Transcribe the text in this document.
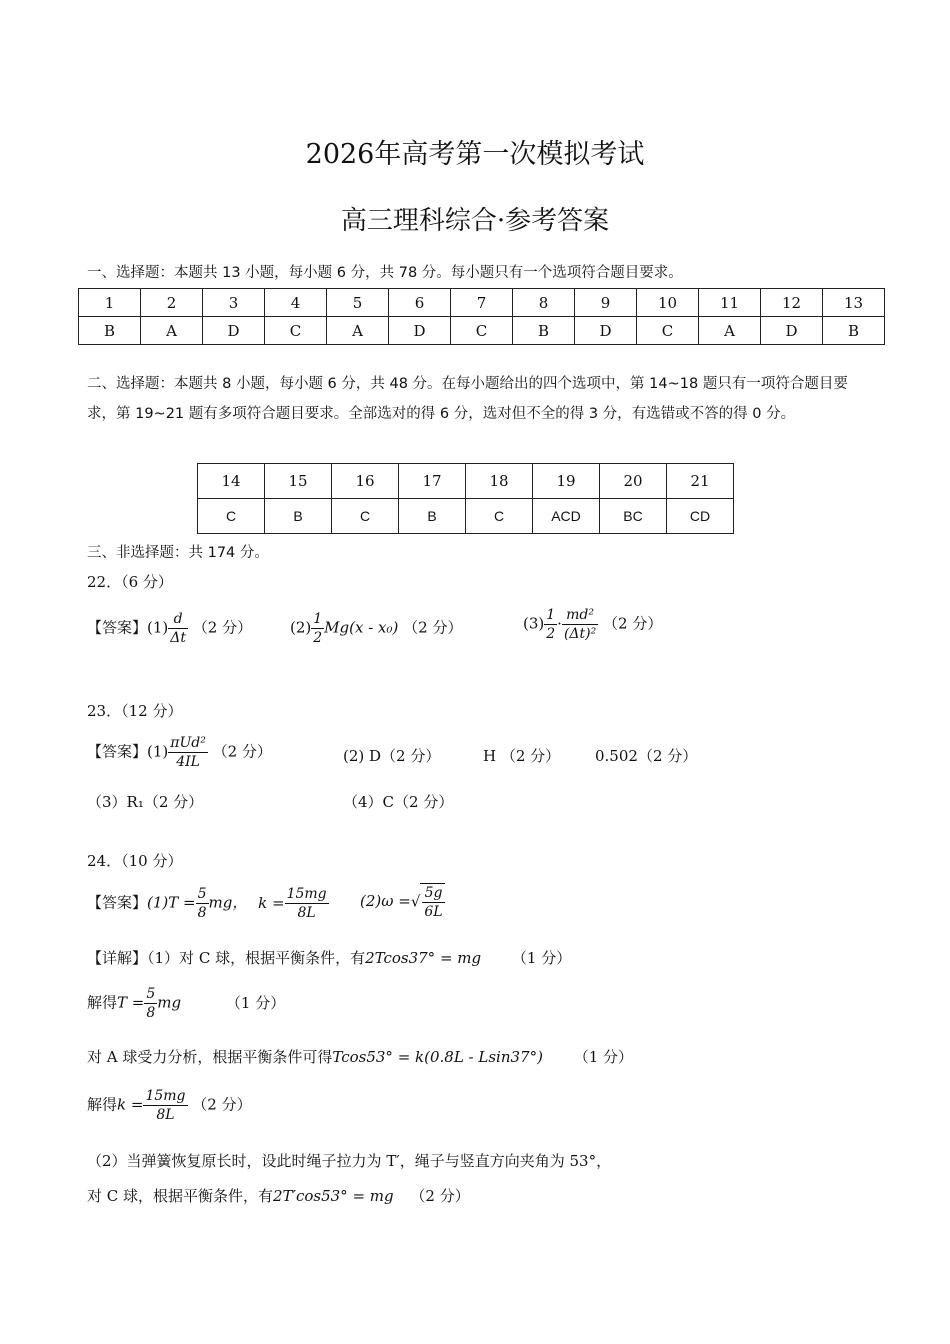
2026年高考第一次模拟考试
高三理科综合·参考答案
一、选择题：本题共 13 小题，每小题 6 分，共 78 分。每小题只有一个选项符合题目要求。
1	2	3	4	5	6	7	8	9	10	11	12	13
B	A	D	C	A	D	C	B	D	C	A	D	B
二、选择题：本题共 8 小题，每小题 6 分，共 48 分。在每小题给出的四个选项中，第 14~18 题只有一项符合题目要求，第 19~21 题有多项符合题目要求。全部选对的得 6 分，选对但不全的得 3 分，有选错或不答的得 0 分。
14	15	16	17	18	19	20	21
C	B	C	B	C	ACD	BC	CD
三、非选择题：共 174 分。
22．（6 分）
【答案】$(1) \frac{d}{\Delta t} (2$ 分）	$(2) \frac{1}{2} Mg(x - x_0)$ （2 分）	$(3) \frac{1}{2} \cdot \frac{\text{md²}}{\text{(Δt)²}} (2$ 分）
23．（12 分）
【答案】$(1) \frac{\text{πUd²}}{4IL} (2$ 分）	(2) D（2 分）	H （2 分） 0.502（2 分）
（3）R₁（2 分）	（4）C（2 分）
24．（10 分）
【答案】$(1)T = \frac{5}{8}$ mg， $k = \frac{15mg}{8L} (2)\omega$ =√ $\frac{5g}{6L}$
【详解】（1）对 C 球，根据平衡条件，有2Tcos37° = mg （1 分）
解得$T = \frac{5}{8}$ mg	（1 分）
对 A 球受力分析，根据平衡条件可得Tcos53° = k(0.8L - Lsin37°) （1 分）
解得$k = \frac{15mg}{8L} (2$ 分）
（2）当弹簧恢复原长时，设此时绳子拉力为 T′，绳子与竖直方向夹角为 53°，
对 C 球，根据平衡条件，有2T′cos53° = mg （2 分）
